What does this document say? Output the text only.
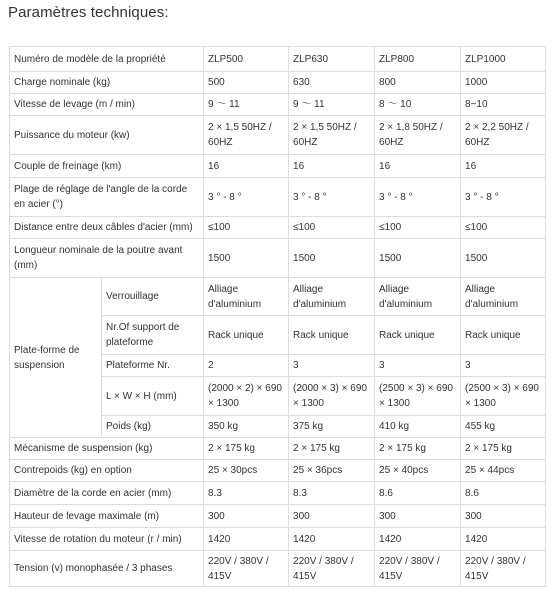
Paramètres techniques:
Numéro de modèle de la propriété		ZLP500	ZLP630	ZLP800	ZLP1000
Charge nominale (kg)		500	630	800	1000
Vitesse de levage (m / min)		9 ～ 11	9 ～ 11	8 ～ 10	8~10
Puissance du moteur (kw)		2 × 1,5 50HZ / 60HZ	2 × 1,5 50HZ / 60HZ	2 × 1,8 50HZ / 60HZ	2 × 2,2 50HZ / 60HZ
Couple de freinage (km)		16	16	16	16
Plage de réglage de l'angle de la corde en acier (°)		3 ° - 8 °	3 ° - 8 °	3 ° - 8 °	3 ° - 8 °
Distance entre deux câbles d'acier (mm)		≤100	≤100	≤100	≤100
Longueur nominale de la poutre avant (mm)		1500	1500	1500	1500
Plate-forme de suspension	Verrouillage	Alliage d'aluminium	Alliage d'aluminium	Alliage d'aluminium	Alliage d'aluminium
	Nr.Of support de plateforme	Rack unique	Rack unique	Rack unique	Rack unique
	Plateforme Nr.	2	3	3	3
	L × W × H (mm)	(2000 × 2) × 690 × 1300	(2000 × 3) × 690 × 1300	(2500 × 3) × 690 × 1300	(2500 × 3) × 690 × 1300
	Poids (kg)	350 kg	375 kg	410 kg	455 kg
Mécanisme de suspension (kg)		2 × 175 kg	2 × 175 kg	2 × 175 kg	2 × 175 kg
Contrepoids (kg) en option		25 × 30pcs	25 × 36pcs	25 × 40pcs	25 × 44pcs
Diamètre de la corde en acier (mm)		8.3	8.3	8.6	8.6
Hauteur de levage maximale (m)		300	300	300	300
Vitesse de rotation du moteur (r / min)		1420	1420	1420	1420
Tension (v) monophasée / 3 phases		220V / 380V / 415V	220V / 380V / 415V	220V / 380V / 415V	220V / 380V / 415V
